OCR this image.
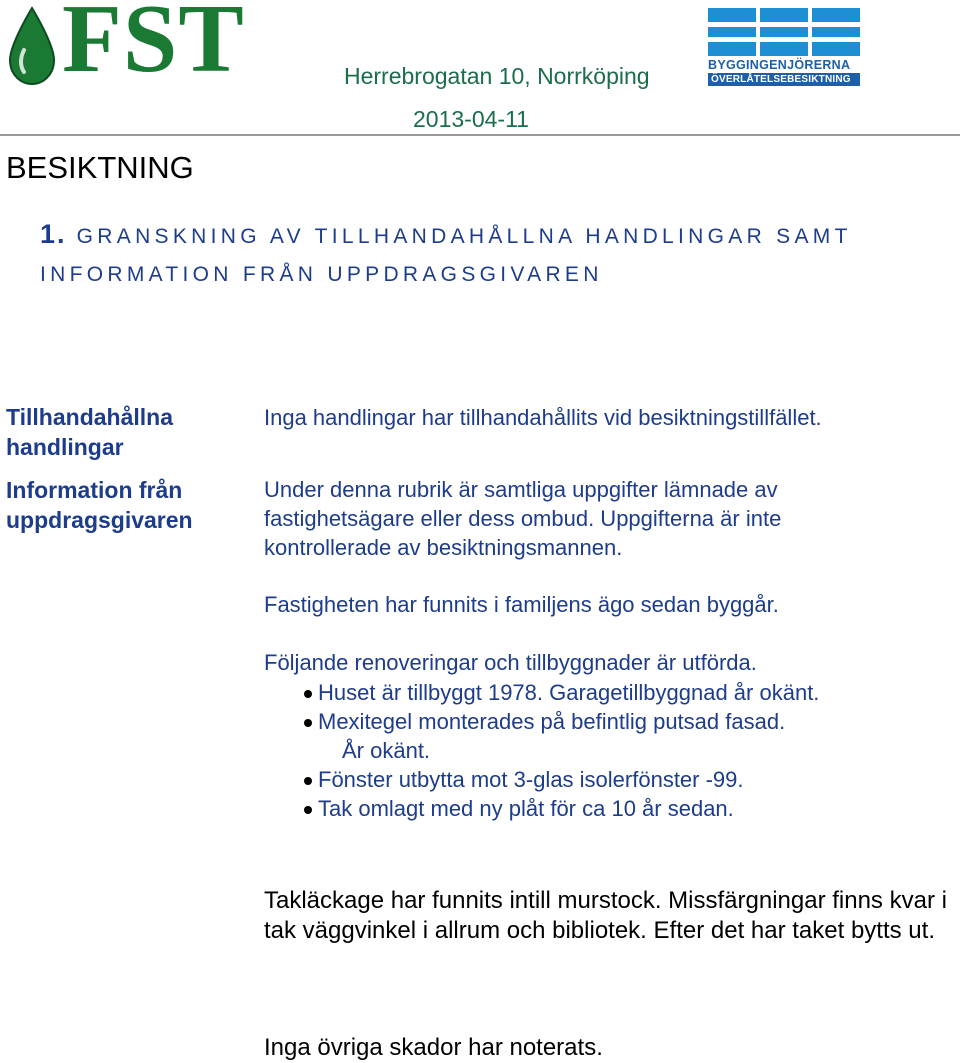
FST	Herrebrogatan 10, Norrköping
2013-04-11
BYGGINGENJÖRERNA
ÖVERLÅTELSEBESIKTNING
BESIKTNING
1. GRANSKNING AV TILLHANDAHÅLLNA HANDLINGAR SAMT
INFORMATION FRÅN UPPDRAGSGIVAREN
Tillhandahållna handlingar
Information från uppdragsgivaren
Inga handlingar har tillhandahållits vid besiktningstillfället.
Under denna rubrik är samtliga uppgifter lämnade av fastighetsägare eller dess ombud. Uppgifterna är inte kontrollerade av besiktningsmannen.
Fastigheten har funnits i familjens ägo sedan byggår.
Följande renoveringar och tillbyggnader är utförda.
Huset är tillbyggt 1978. Garagetillbyggnad år okänt.
Mexitegel monterades på befintlig putsad fasad.
År okänt.
Fönster utbytta mot 3-glas isolerfönster -99.
Tak omlagt med ny plåt för ca 10 år sedan.
Takläckage har funnits intill murstock. Missfärgningar finns kvar i tak väggvinkel i allrum och bibliotek. Efter det har taket bytts ut.
Inga övriga skador har noterats.
